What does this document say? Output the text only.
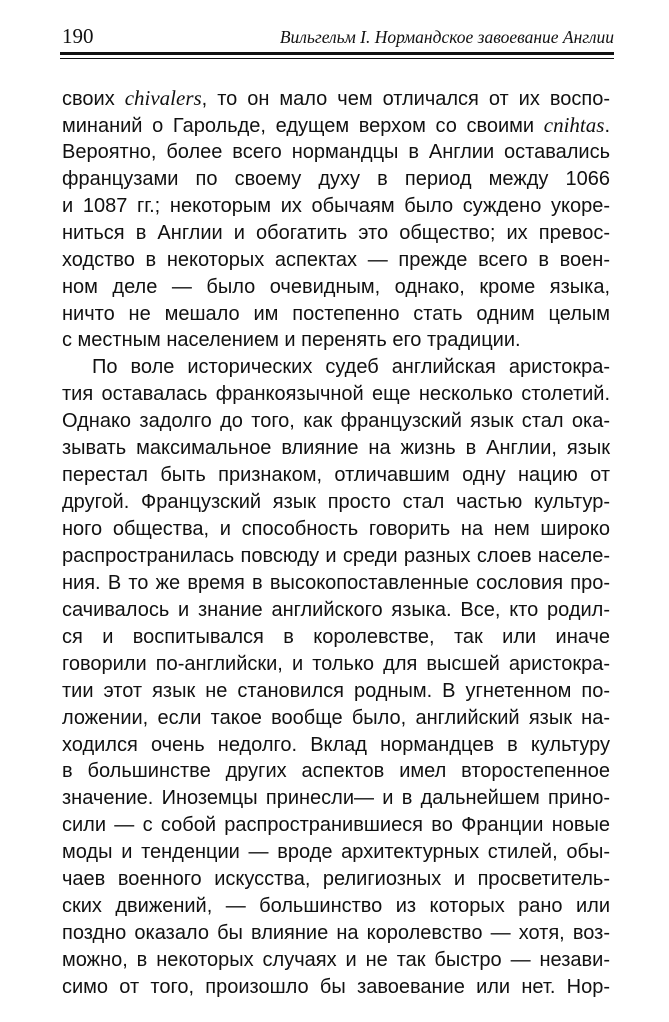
190	Вильгельм I. Нормандское завоевание Англии
своих chivalers, то он мало чем отличался от их воспо-
минаний о Гарольде, едущем верхом со своими cnihtas.
Вероятно, более всего нормандцы в Англии оставались
французами по своему духу в период между 1066
и 1087 гг.; некоторым их обычаям было суждено укоре-
ниться в Англии и обогатить это общество; их превос-
ходство в некоторых аспектах — прежде всего в воен-
ном деле — было очевидным, однако, кроме языка,
ничто не мешало им постепенно стать одним целым
с местным населением и перенять его традиции.
По воле исторических судеб английская аристокра-
тия оставалась франкоязычной еще несколько столетий.
Однако задолго до того, как французский язык стал ока-
зывать максимальное влияние на жизнь в Англии, язык
перестал быть признаком, отличавшим одну нацию от
другой. Французский язык просто стал частью культур-
ного общества, и способность говорить на нем широко
распространилась повсюду и среди разных слоев населе-
ния. В то же время в высокопоставленные сословия про-
сачивалось и знание английского языка. Все, кто родил-
ся и воспитывался в королевстве, так или иначе
говорили по-английски, и только для высшей аристокра-
тии этот язык не становился родным. В угнетенном по-
ложении, если такое вообще было, английский язык на-
ходился очень недолго. Вклад нормандцев в культуру
в большинстве других аспектов имел второстепенное
значение. Иноземцы принесли— и в дальнейшем прино-
сили — с собой распространившиеся во Франции новые
моды и тенденции — вроде архитектурных стилей, обы-
чаев военного искусства, религиозных и просветитель-
ских движений, — большинство из которых рано или
поздно оказало бы влияние на королевство — хотя, воз-
можно, в некоторых случаях и не так быстро — незави-
симо от того, произошло бы завоевание или нет. Нор-
